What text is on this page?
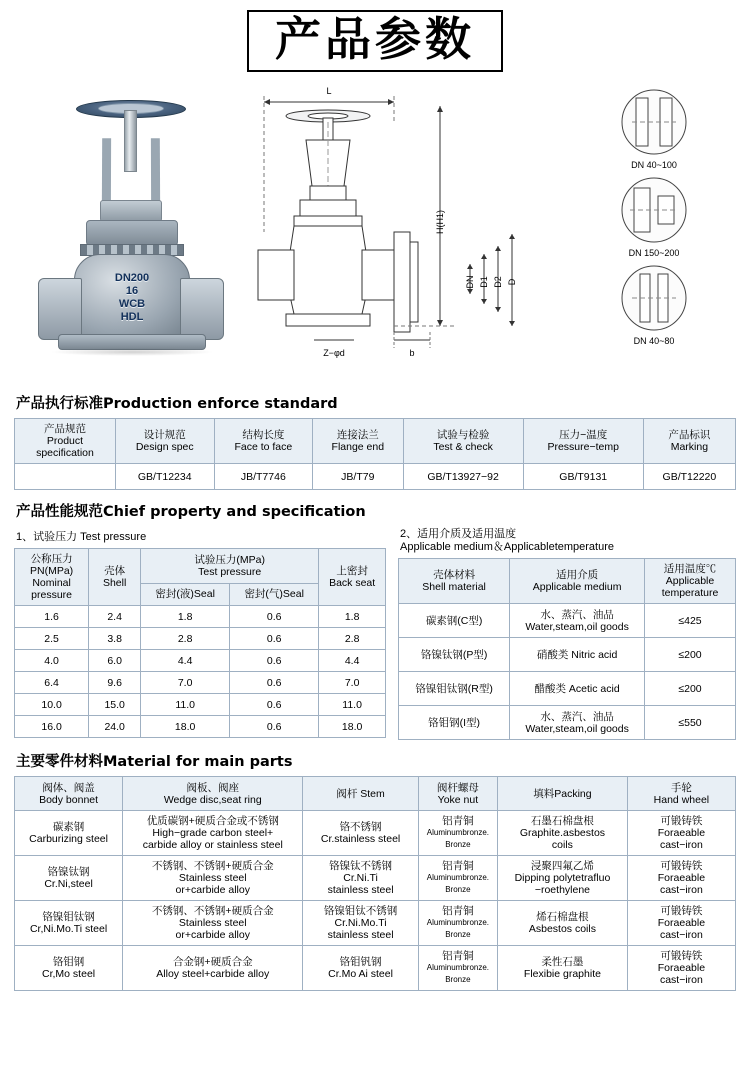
产品参数
DN200
16
WCB
HDL
H(H1)
DN D1 D2 D
Z−φd	b
L
DN 40~100
DN 150~200
DN 40~80
产品执行标准Production enforce standard
产品规范
Product
specification	设计规范
Design spec	结构长度
Face to face	连接法兰
Flange end	试验与检验
Test & check	压力−温度
Pressure−temp	产品标识
Marking

	GB/T12234	JB/T7746	JB/T79	GB/T13927−92	GB/T9131	GB/T12220
产品性能规范Chief property and specification
1、试验压力 Test pressure
公称压力
PN(MPa)
Nominal
pressure	壳体
Shell	试验压力(MPa)
Test pressure		上密封
Back seat

		密封(液)Seal	密封(气)Seal	
1.6	2.4	1.8	0.6	1.8
2.5	3.8	2.8	0.6	2.8
4.0	6.0	4.4	0.6	4.4
6.4	9.6	7.0	0.6	7.0
10.0	15.0	11.0	0.6	11.0
16.0	24.0	18.0	0.6	18.0
2、适用介质及适用温度
Applicable medium＆Applicabletemperature
壳体材料
Shell material	适用介质
Applicable medium	适用温度℃
Applicable
temperature

碳素钢(C型)	水、蒸汽、油品
Water,steam,oil goods	≤425
铬镍钛钢(P型)	硝酸类 Nitric acid	≤200
铬镍钼钛钢(R型)	醋酸类 Acetic acid	≤200
铬钼钢(I型)	水、蒸汽、油品
Water,steam,oil goods	≤550
主要零件材料Material for main parts
阀体、阀盖
Body bonnet	阀板、阀座
Wedge disc,seat ring	阀杆 Stem	阀杆螺母
Yoke nut	填料Packing	手轮
Hand wheel

碳素钢
Carburizing steel	优质碳钢+硬质合金或不锈钢
High−grade carbon steel+
carbide alloy or stainless steel	铬不锈钢
Cr.stainless steel	铝青铜
Aluminumbronze.
Bronze	石墨石棉盘根
Graphite.asbestos
coils	可锻铸铁
Foraeable
cast−iron

铬镍钛钢
Cr.Ni,steel	不锈钢、不锈钢+硬质合金
Stainless steel
or+carbide alloy	铬镍钛不锈钢
Cr.Ni.Ti
stainless steel	铝青铜
Aluminumbronze.
Bronze	浸聚四氟乙烯
Dipping polytetrafluo
−roethylene	可锻铸铁
Foraeable
cast−iron

铬镍钼钛钢
Cr,Ni.Mo.Ti steel	不锈钢、不锈钢+硬质合金
Stainless steel
or+carbide alloy	铬镍钼钛不锈钢
Cr.Ni.Mo.Ti
stainless steel	铝青铜
Aluminumbronze.
Bronze	烯石棉盘根
Asbestos coils	可锻铸铁
Foraeable
cast−iron

铬钼钢
Cr,Mo steel	合金钢+硬质合金
Alloy steel+carbide alloy	铬钼钒钢
Cr.Mo Ai steel	铝青铜
Aluminumbronze.
Bronze	柔性石墨
Flexibie graphite	可锻铸铁
Foraeable
cast−iron
